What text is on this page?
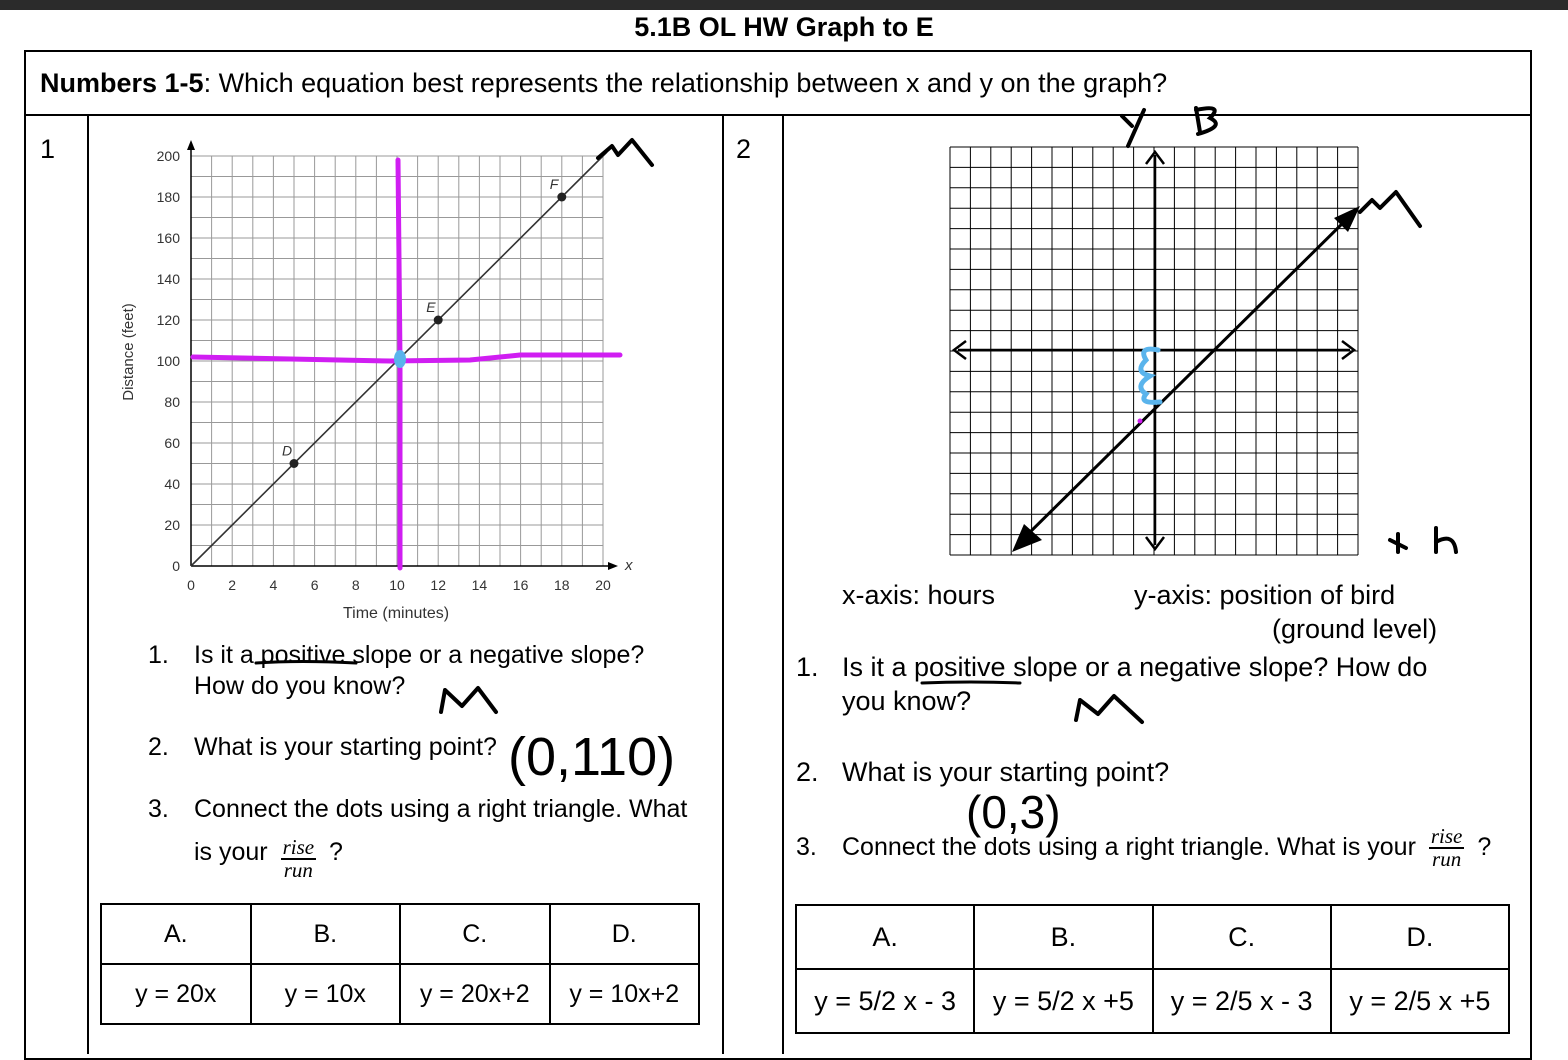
5.1B OL HW Graph to E
Numbers 1-5: Which equation best represents the relationship between x and y on the graph?
1	2
200
180
160
140
120
100
80
60
40
20
0
0 2 4 6 8 10 12 14 16 18 20
x
Time (minutes)
Distance (feet)
D
E
F
1. Is it a positive slope or a negative slope?
How do you know?
2. What is your starting point?
3. Connect the dots using a right triangle. What
is your $\frac{\text{rise}}{\text{run}}$ ?
(0,110)
A.	B.	C.	D.
y = 20x	y = 10x	y = 20x+2	y = 10x+2
x-axis: hours	y-axis: position of bird
(ground level)
1. Is it a positive slope or a negative slope? How do
you know?
2. What is your starting point?
3. Connect the dots using a right triangle. What is your $\frac{\text{rise}}{\text{run}}$ ?
(0,3)
A.	B.	C.	D.
y = 5/2 x - 3	y = 5/2 x +5	y = 2/5 x - 3	y = 2/5 x +5
